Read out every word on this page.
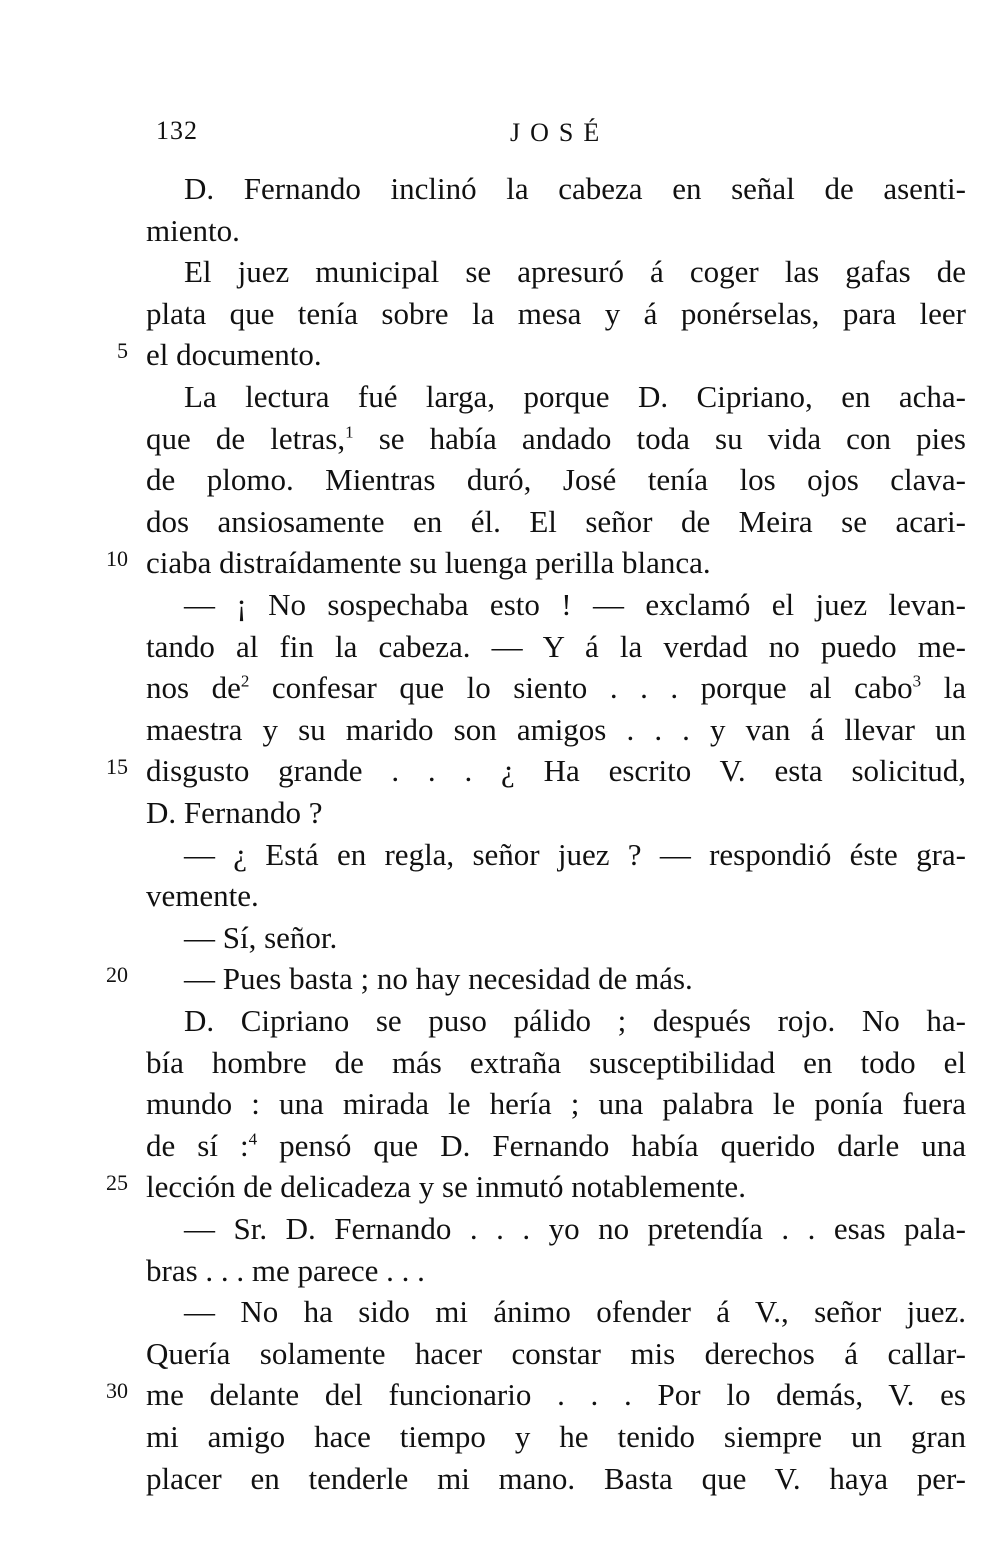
132	JOSÉ
D. Fernando inclinó la cabeza en señal de asenti-
miento.
El juez municipal se apresuró á coger las gafas de
plata que tenía sobre la mesa y á ponérselas, para leer
5 el documento.
La lectura fué larga, porque D. Cipriano, en acha-
que de letras,$^1$ se había andado toda su vida con pies
de plomo. Mientras duró, José tenía los ojos clava-
dos ansiosamente en él. El señor de Meira se acari-
10 ciaba distraídamente su luenga perilla blanca.
— ¡ No sospechaba esto ! — exclamó el juez levan-
tando al fin la cabeza. — Y á la verdad no puedo me-
nos $de^2$ confesar que lo siento . . . porque al cabo$^3$ la
maestra y su marido son amigos . . . y van á llevar un
15 disgusto grande . . . ¿ Ha escrito V. esta solicitud,
D. Fernando ?
— ¿ Está en regla, señor juez ? — respondió éste gra-
vemente.
— Sí, señor.
20 — Pues basta ; no hay necesidad de más.
D. Cipriano se puso pálido ; después rojo. No ha-
bía hombre de más extraña susceptibilidad en todo el
mundo : una mirada le hería ; una palabra le ponía fuera
de sí :$^4$ pensó que D. Fernando había querido darle una
25 lección de delicadeza y se inmutó notablemente.
— Sr. D. Fernando . . . yo no pretendía . . esas pala-
bras . . . me parece . . .
— No ha sido mi ánimo ofender á V., señor juez.
Quería solamente hacer constar mis derechos á callar-
30 me delante del funcionario . . . Por lo demás, V. es
mi amigo hace tiempo y he tenido siempre un gran
placer en tenderle mi mano. Basta que V. haya per-
